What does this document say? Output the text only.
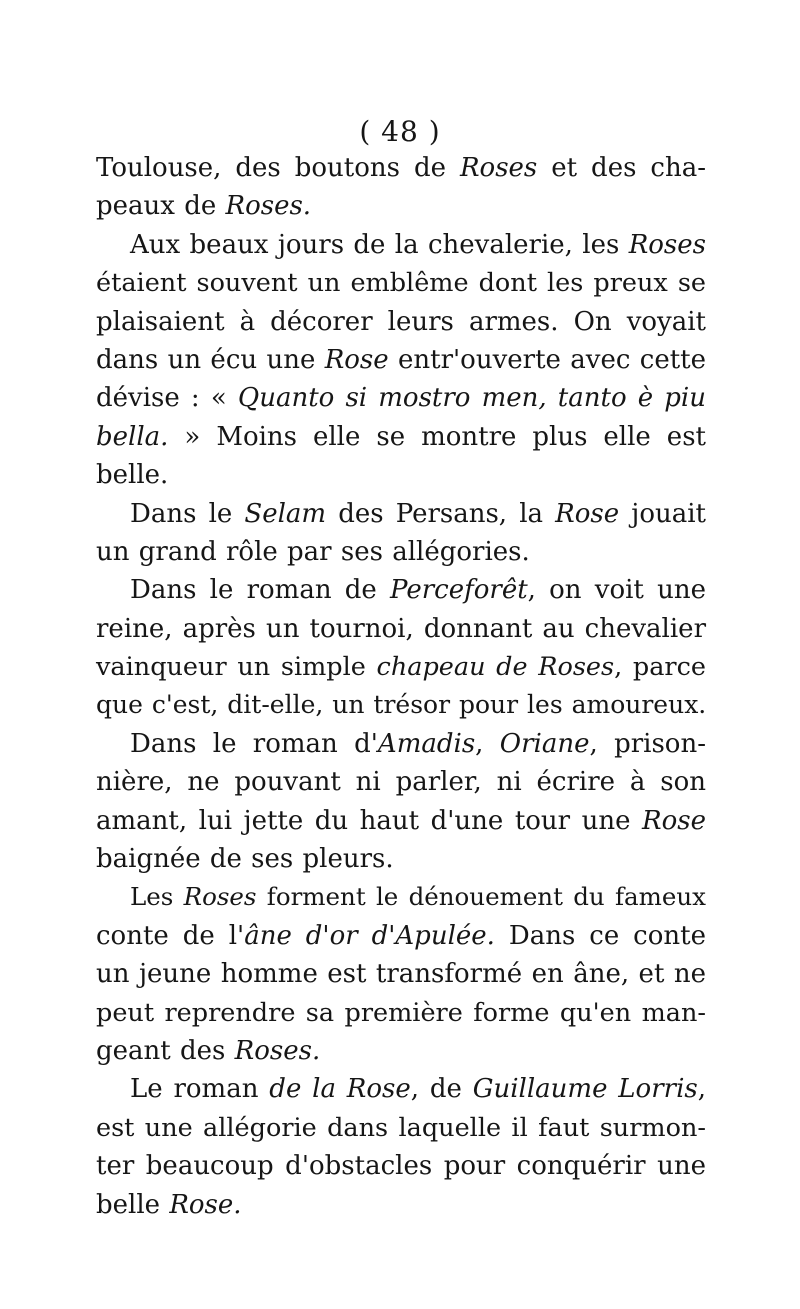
( 48 )
Toulouse, des boutons de Roses et des cha-
peaux de Roses.
Aux beaux jours de la chevalerie, les Roses
étaient souvent un emblême dont les preux se
plaisaient à décorer leurs armes. On voyait
dans un écu une Rose entr'ouverte avec cette
dévise : « Quanto si mostro men, tanto è piu
bella. » Moins elle se montre plus elle est
belle.
Dans le Selam des Persans, la Rose jouait
un grand rôle par ses allégories.
Dans le roman de Perceforêt, on voit une
reine, après un tournoi, donnant au chevalier
vainqueur un simple chapeau de Roses, parce
que c'est, dit-elle, un trésor pour les amoureux.
Dans le roman d'Amadis, Oriane, prison-
nière, ne pouvant ni parler, ni écrire à son
amant, lui jette du haut d'une tour une Rose
baignée de ses pleurs.
Les Roses forment le dénouement du fameux
conte de l'âne d'or d'Apulée. Dans ce conte
un jeune homme est transformé en âne, et ne
peut reprendre sa première forme qu'en man-
geant des Roses.
Le roman de la Rose, de Guillaume Lorris,
est une allégorie dans laquelle il faut surmon-
ter beaucoup d'obstacles pour conquérir une
belle Rose.
